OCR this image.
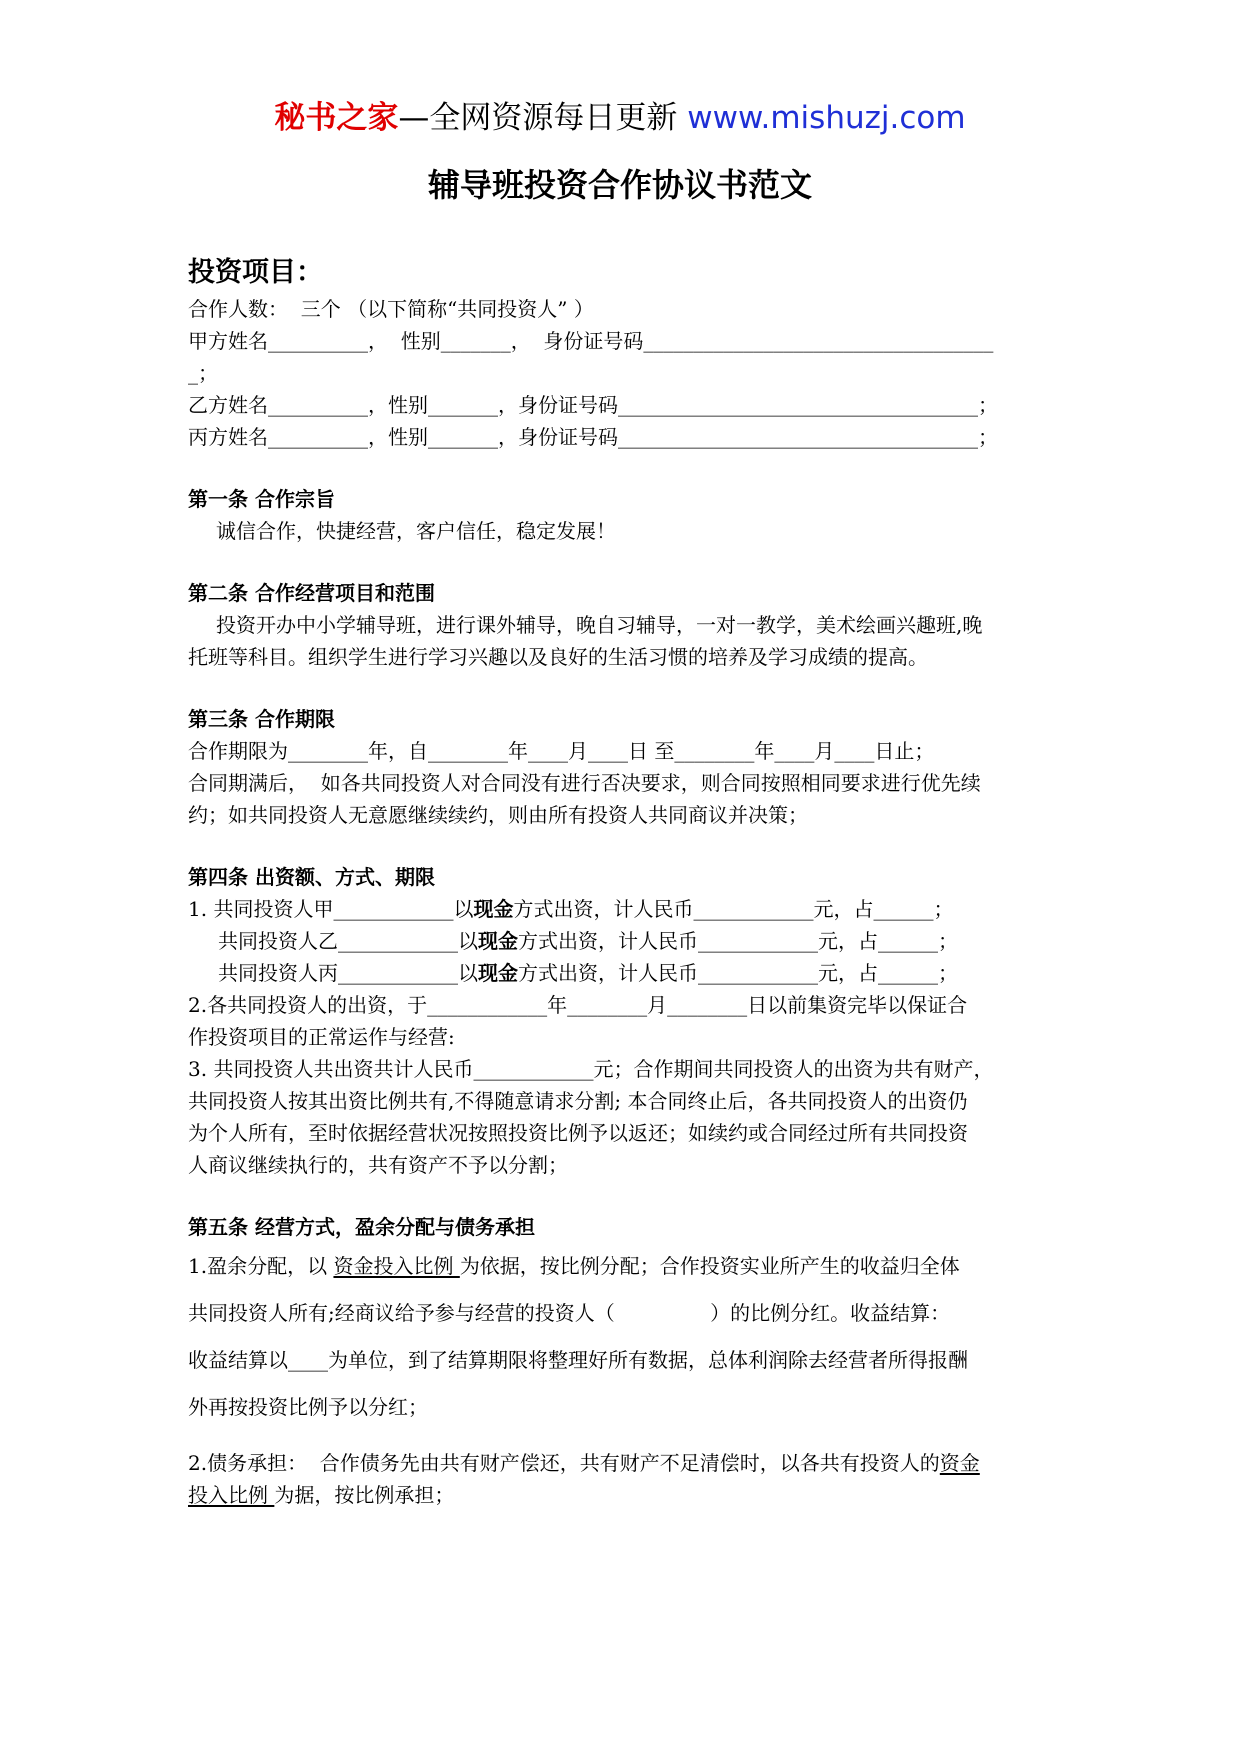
秘书之家—全网资源每日更新 www.mishuzj.com
辅导班投资合作协议书范文
投资项目：

合作人数：  三个 （以下简称“共同投资人” ）

甲方姓名__________，  性别_______，  身份证号码___________________________________

_；

乙方姓名__________，性别_______，身份证号码____________________________________；

丙方姓名__________，性别_______，身份证号码____________________________________；

第一条 合作宗旨

诚信合作，快捷经营，客户信任，稳定发展！

第二条 合作经营项目和范围

投资开办中小学辅导班，进行课外辅导，晚自习辅导，一对一教学，美术绘画兴趣班,晚

托班等科目。组织学生进行学习兴趣以及良好的生活习惯的培养及学习成绩的提高。

第三条 合作期限

合作期限为________年，自________年____月____日 至________年____月____日止；

合同期满后，  如各共同投资人对合同没有进行否决要求，则合同按照相同要求进行优先续

约；如共同投资人无意愿继续续约，则由所有投资人共同商议并决策；

第四条 出资额、方式、期限

1. 共同投资人甲____________以现金方式出资，计人民币____________元，占______；

共同投资人乙____________以现金方式出资，计人民币____________元，占______；

共同投资人丙____________以现金方式出资，计人民币____________元，占______；

2.各共同投资人的出资，于____________年________月________日以前集资完毕以保证合

作投资项目的正常运作与经营:

3. 共同投资人共出资共计人民币____________元；合作期间共同投资人的出资为共有财产，

共同投资人按其出资比例共有,不得随意请求分割; 本合同终止后，各共同投资人的出资仍

为个人所有，至时依据经营状况按照投资比例予以返还；如续约或合同经过所有共同投资

人商议继续执行的，共有资产不予以分割；

第五条 经营方式，盈余分配与债务承担

1.盈余分配，以 资金投入比例 为依据，按比例分配；合作投资实业所产生的收益归全体

共同投资人所有;经商议给予参与经营的投资人（               ）的比例分红。收益结算：

收益结算以____为单位，到了结算期限将整理好所有数据，总体利润除去经营者所得报酬

外再按投资比例予以分红；

2.债务承担：  合作债务先由共有财产偿还，共有财产不足清偿时，以各共有投资人的资金

投入比例 为据，按比例承担；
